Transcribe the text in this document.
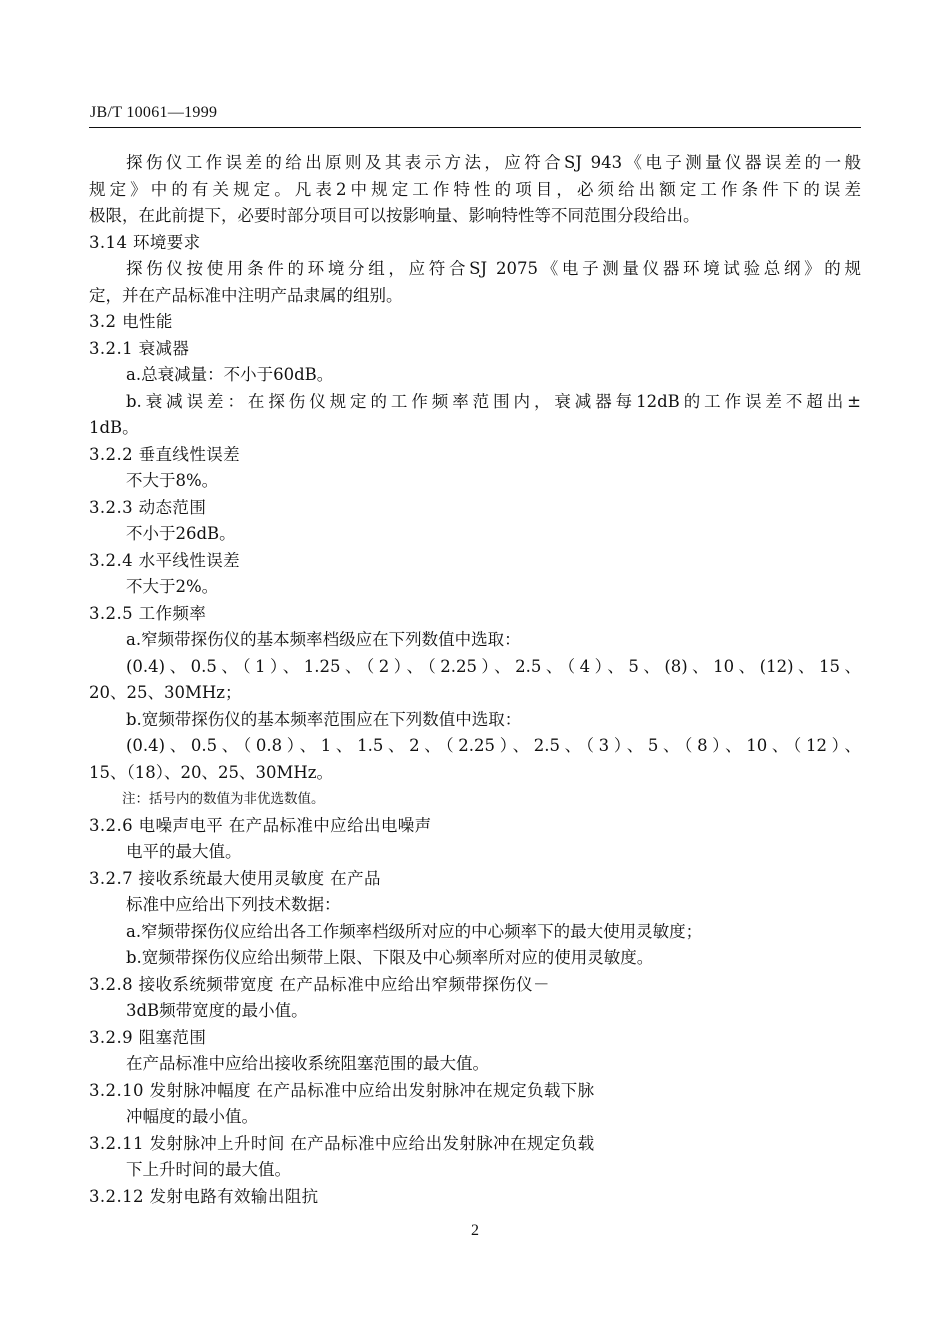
JB/T 10061—1999
探伤仪工作误差的给出原则及其表示方法，应符合SJ 943《电子测量仪器误差的一般
规定》中的有关规定。凡表2中规定工作特性的项目，必须给出额定工作条件下的误差
极限，在此前提下，必要时部分项目可以按影响量、影响特性等不同范围分段给出。
3.14 环境要求
探伤仪按使用条件的环境分组，应符合SJ 2075《电子测量仪器环境试验总纲》的规
定，并在产品标准中注明产品隶属的组别。
3.2 电性能
3.2.1 衰减器
a.总衰减量：不小于60dB。
b.衰减误差：在探伤仪规定的工作频率范围内，衰减器每12dB的工作误差不超出±
1dB。
3.2.2 垂直线性误差
不大于8%。
3.2.3 动态范围
不小于26dB。
3.2.4 水平线性误差
不大于2%。
3.2.5 工作频率
a.窄频带探伤仪的基本频率档级应在下列数值中选取：
(0.4)、0.5、（1）、1.25、（2）、（2.25）、2.5、（4）、5、(8)、10、(12)、15、
20、25、30MHz；
b.宽频带探伤仪的基本频率范围应在下列数值中选取：
(0.4)、0.5、（0.8）、1、1.5、2、（2.25）、2.5、（3）、5、（8）、10、（12）、
15、（18）、20、25、30MHz。
注：括号内的数值为非优选数值。
3.2.6 电噪声电平 在产品标准中应给出电噪声
电平的最大值。
3.2.7 接收系统最大使用灵敏度 在产品
标准中应给出下列技术数据：
a.窄频带探伤仪应给出各工作频率档级所对应的中心频率下的最大使用灵敏度；
b.宽频带探伤仪应给出频带上限、下限及中心频率所对应的使用灵敏度。
3.2.8 接收系统频带宽度 在产品标准中应给出窄频带探伤仪－
3dB频带宽度的最小值。
3.2.9 阻塞范围
在产品标准中应给出接收系统阻塞范围的最大值。
3.2.10 发射脉冲幅度 在产品标准中应给出发射脉冲在规定负载下脉
冲幅度的最小值。
3.2.11 发射脉冲上升时间 在产品标准中应给出发射脉冲在规定负载
下上升时间的最大值。
3.2.12 发射电路有效输出阻抗
2
